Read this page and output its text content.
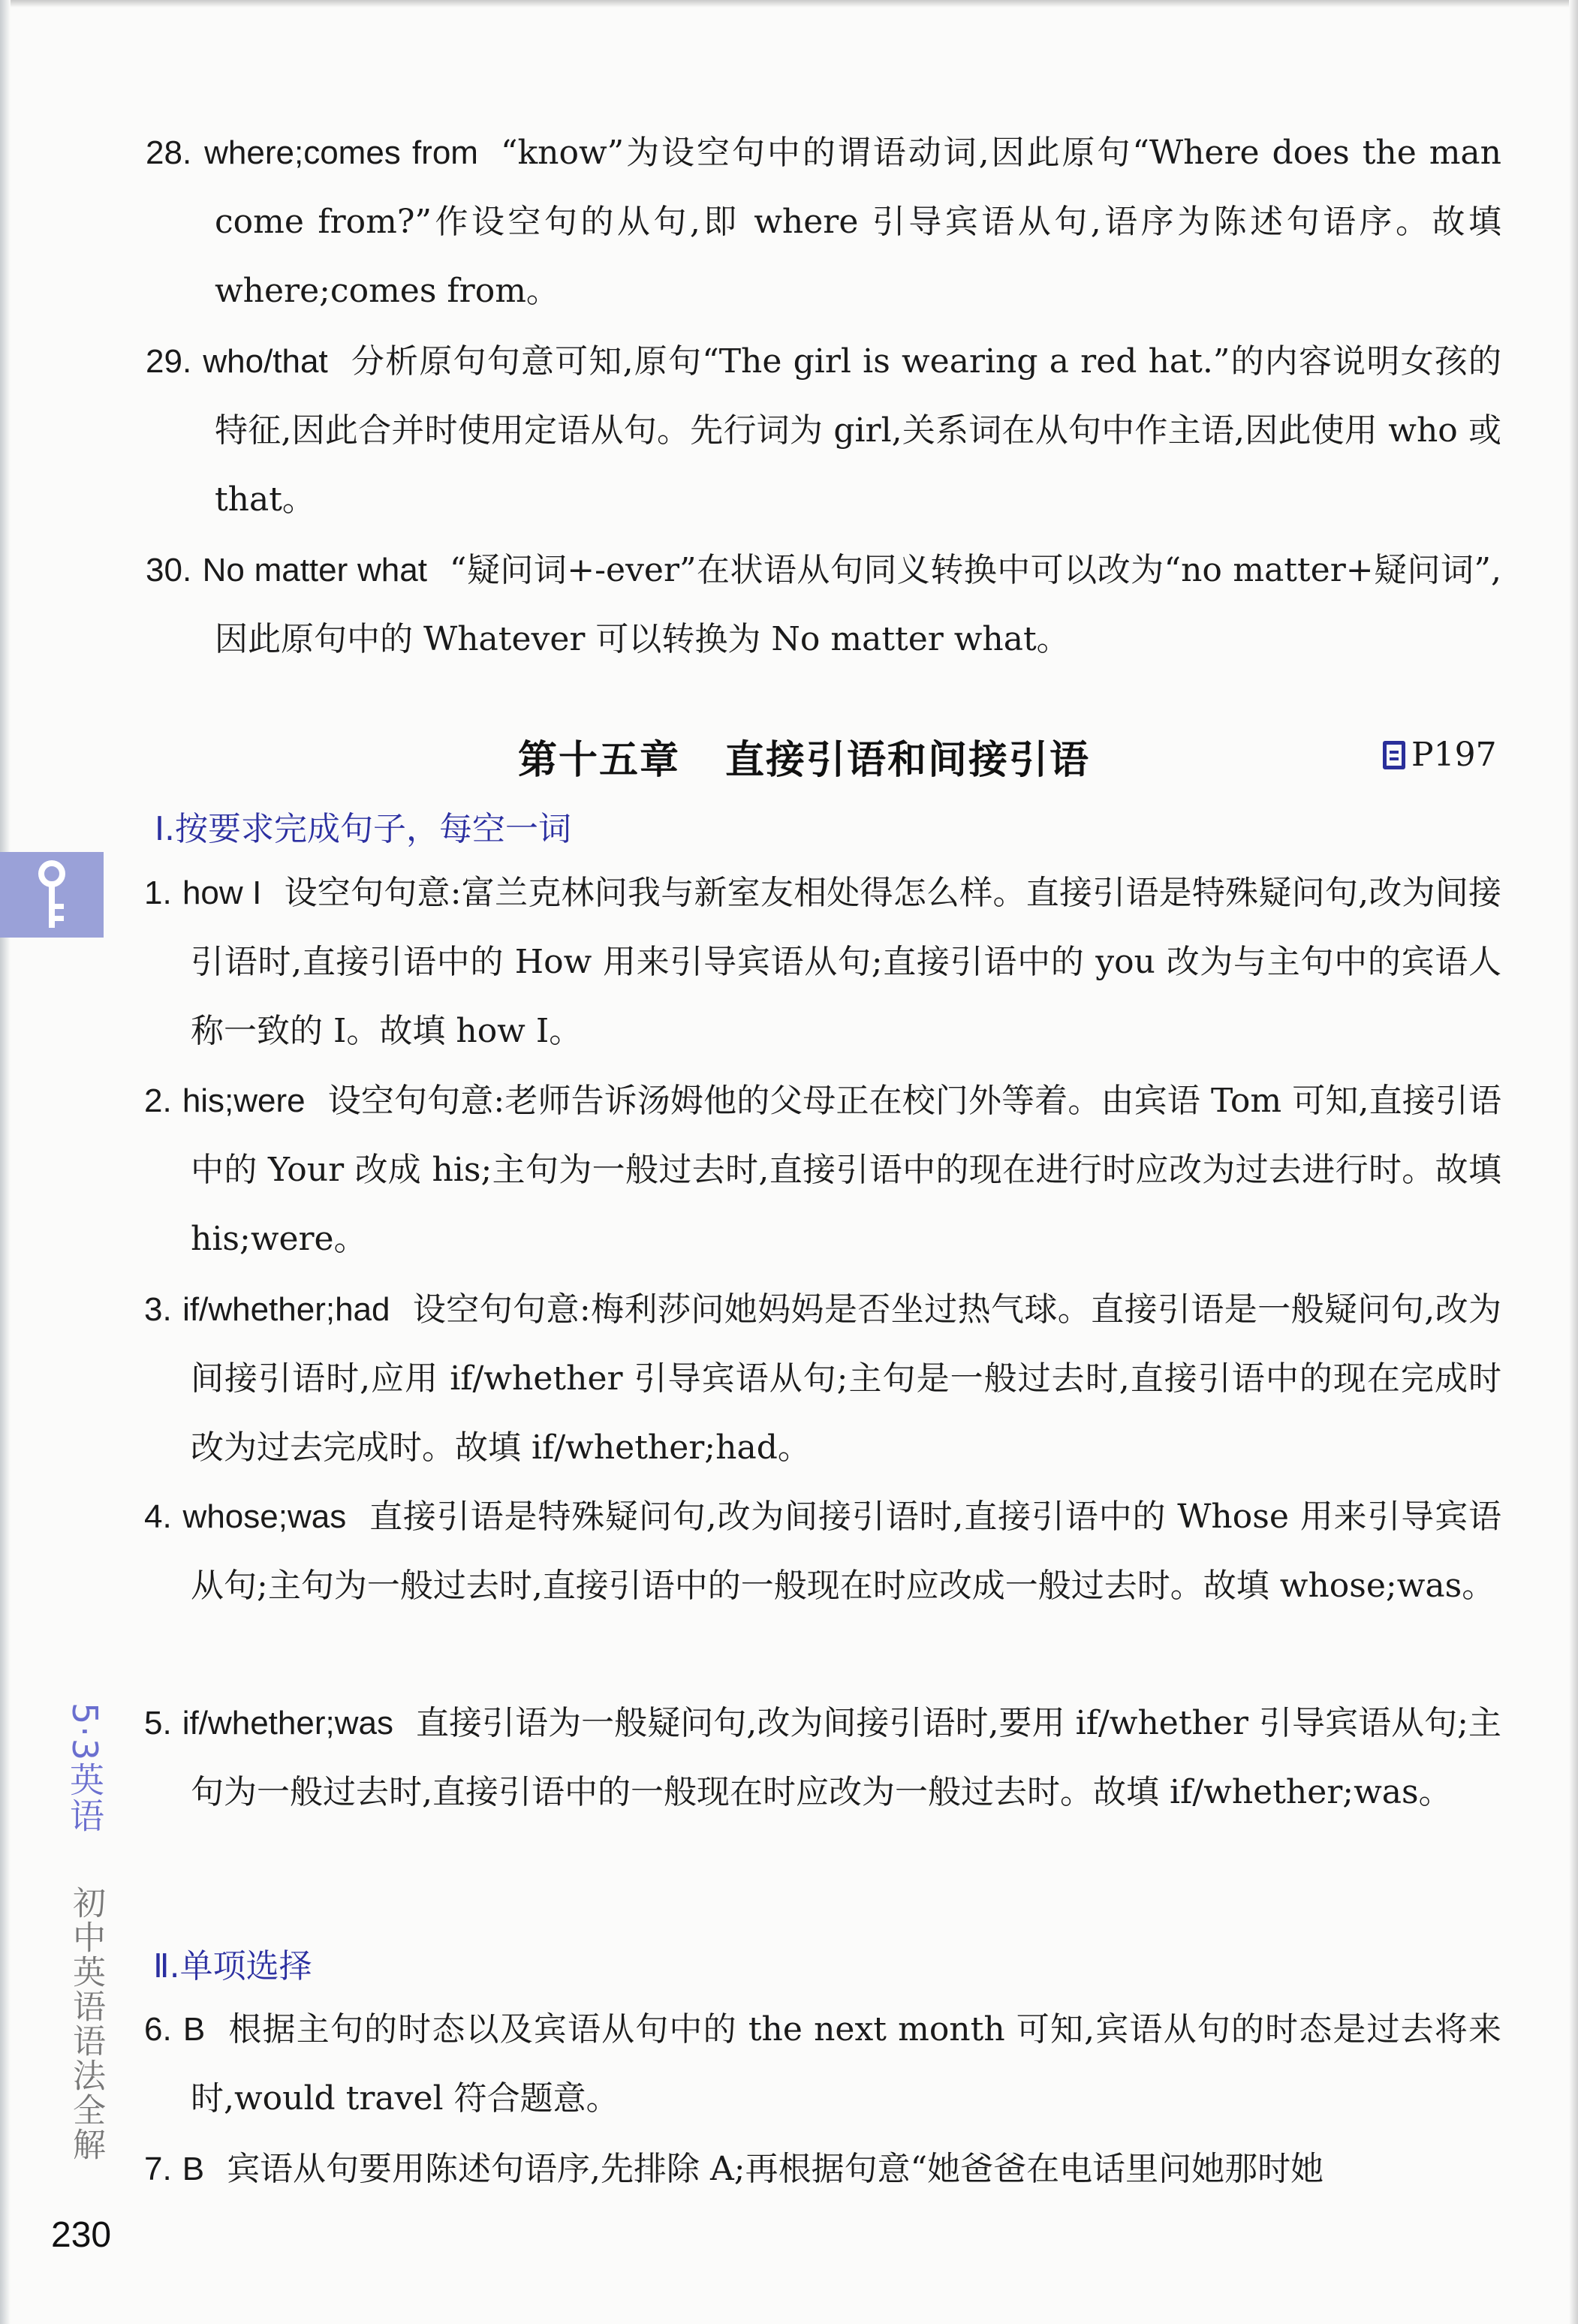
28. where;comes from “know”为设空句中的谓语动词,因此原句“Where does the man come from?”作设空句的从句,即 where 引导宾语从句,语序为陈述句语序。故填 where;comes from。
29. who/that 分析原句句意可知,原句“The girl is wearing a red hat.”的内容说明女孩的特征,因此合并时使用定语从句。先行词为 girl,关系词在从句中作主语,因此使用 who 或 that。
30. No matter what “疑问词+-ever”在状语从句同义转换中可以改为“no matter+疑问词”,因此原句中的 Whatever 可以转换为 No matter what。
第十五章 直接引语和间接引语	P197
Ⅰ.按要求完成句子，每空一词
1. how I 设空句句意:富兰克林问我与新室友相处得怎么样。直接引语是特殊疑问句,改为间接引语时,直接引语中的 How 用来引导宾语从句;直接引语中的 you 改为与主句中的宾语人称一致的 I。故填 how I。
2. his;were 设空句句意:老师告诉汤姆他的父母正在校门外等着。由宾语 Tom 可知,直接引语中的 Your 改成 his;主句为一般过去时,直接引语中的现在进行时应改为过去进行时。故填 his;were。
3. if/whether;had 设空句句意:梅利莎问她妈妈是否坐过热气球。直接引语是一般疑问句,改为间接引语时,应用 if/whether 引导宾语从句;主句是一般过去时,直接引语中的现在完成时改为过去完成时。故填 if/whether;had。
4. whose;was 直接引语是特殊疑问句,改为间接引语时,直接引语中的 Whose 用来引导宾语从句;主句为一般过去时,直接引语中的一般现在时应改成一般过去时。故填 whose;was。
5. if/whether;was 直接引语为一般疑问句,改为间接引语时,要用 if/whether 引导宾语从句;主句为一般过去时,直接引语中的一般现在时应改为一般过去时。故填 if/whether;was。
Ⅱ.单项选择
6. B 根据主句的时态以及宾语从句中的 the next month 可知,宾语从句的时态是过去将来时,would travel 符合题意。
7. B 宾语从句要用陈述句语序,先排除 A;再根据句意“她爸爸在电话里问她那时她
5·3英语
初中英语语法全解
230
